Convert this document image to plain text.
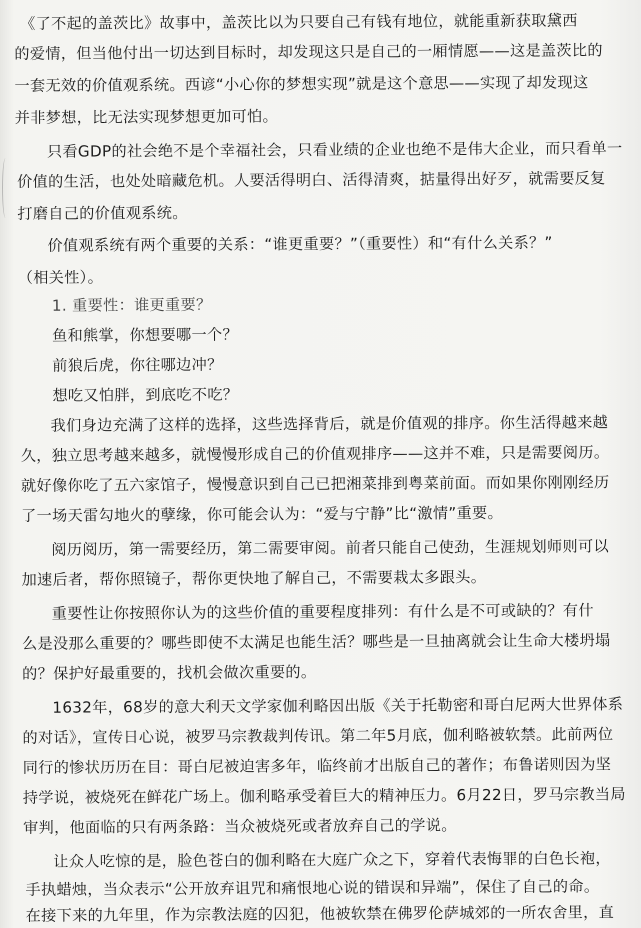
《了不起的盖茨比》故事中，盖茨比以为只要自己有钱有地位，就能重新获取黛西
的爱情，但当他付出一切达到目标时，却发现这只是自己的一厢情愿——这是盖茨比的
一套无效的价值观系统。西谚“小心你的梦想实现”就是这个意思——实现了却发现这
并非梦想，比无法实现梦想更加可怕。
只看GDP的社会绝不是个幸福社会，只看业绩的企业也绝不是伟大企业，而只看单一
价值的生活，也处处暗藏危机。人要活得明白、活得清爽，掂量得出好歹，就需要反复
打磨自己的价值观系统。
价值观系统有两个重要的关系：“谁更重要？”（重要性）和“有什么关系？”
（相关性）。
1. 重要性：谁更重要？
鱼和熊掌，你想要哪一个？
前狼后虎，你往哪边冲？
想吃又怕胖，到底吃不吃？
我们身边充满了这样的选择，这些选择背后，就是价值观的排序。你生活得越来越
久，独立思考越来越多，就慢慢形成自己的价值观排序——这并不难，只是需要阅历。
就好像你吃了五六家馆子，慢慢意识到自己已把湘菜排到粤菜前面。而如果你刚刚经历
了一场天雷勾地火的孽缘，你可能会认为：“爱与宁静”比“激情”重要。
阅历阅历，第一需要经历，第二需要审阅。前者只能自己使劲，生涯规划师则可以
加速后者，帮你照镜子，帮你更快地了解自己，不需要栽太多跟头。
重要性让你按照你认为的这些价值的重要程度排列：有什么是不可或缺的？有什
么是没那么重要的？哪些即使不太满足也能生活？哪些是一旦抽离就会让生命大楼坍塌
的？保护好最重要的，找机会做次重要的。
1632年，68岁的意大利天文学家伽利略因出版《关于托勒密和哥白尼两大世界体系
的对话》，宣传日心说，被罗马宗教裁判传讯。第二年5月底，伽利略被软禁。此前两位
同行的惨状历历在目：哥白尼被迫害多年，临终前才出版自己的著作；布鲁诺则因为坚
持学说，被烧死在鲜花广场上。伽利略承受着巨大的精神压力。6月22日，罗马宗教当局
审判，他面临的只有两条路：当众被烧死或者放弃自己的学说。
让众人吃惊的是，脸色苍白的伽利略在大庭广众之下，穿着代表悔罪的白色长袍，
手执蜡烛，当众表示“公开放弃诅咒和痛恨地心说的错误和异端”，保住了自己的命。
在接下来的九年里，作为宗教法庭的囚犯，他被软禁在佛罗伦萨城郊的一所农舍里，直
